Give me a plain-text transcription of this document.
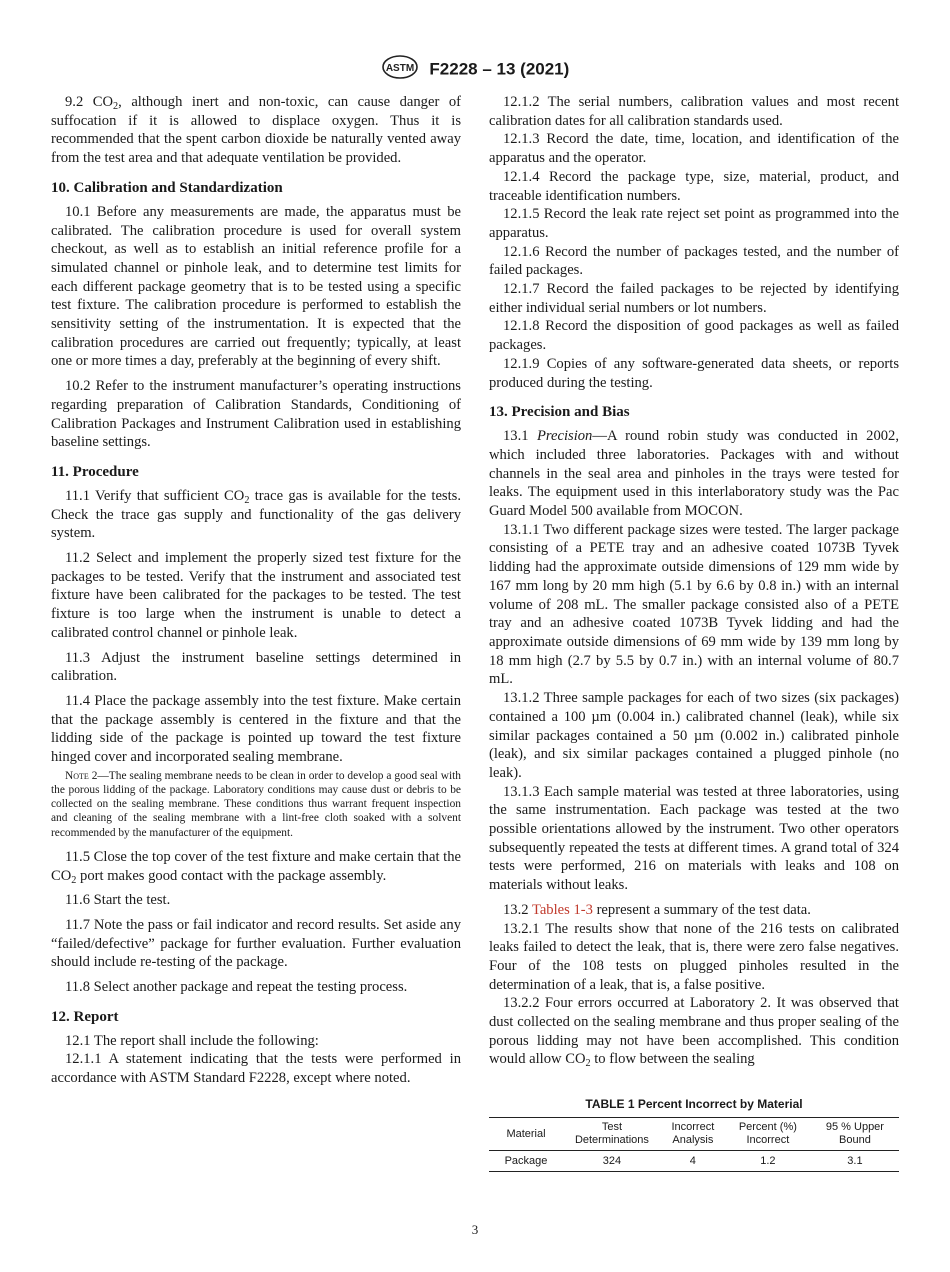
ASTM F2228 – 13 (2021)

9.2 $CO_2$, although inert and non-toxic, can cause danger of suffocation if it is allowed to displace oxygen. Thus it is recommended that the spent carbon dioxide be naturally vented away from the test area and that adequate ventilation be provided.

10. Calibration and Standardization

10.1 Before any measurements are made, the apparatus must be calibrated. The calibration procedure is used for overall system checkout, as well as to establish an initial reference profile for a simulated channel or pinhole leak, and to determine test limits for each different package geometry that is to be tested using a specific test fixture. The calibration procedure is performed to establish the sensitivity setting of the instrumentation. It is expected that the calibration procedures are carried out frequently; typically, at least one or more times a day, preferably at the beginning of every shift.

10.2 Refer to the instrument manufacturer’s operating instructions regarding preparation of Calibration Standards, Conditioning of Calibration Packages and Instrument Calibration used in establishing baseline settings.

11. Procedure

11.1 Verify that sufficient $CO_2$ trace gas is available for the tests. Check the trace gas supply and functionality of the gas delivery system.

11.2 Select and implement the properly sized test fixture for the packages to be tested. Verify that the instrument and associated test fixture have been calibrated for the packages to be tested. The test fixture is too large when the instrument is unable to detect a calibrated control channel or pinhole leak.

11.3 Adjust the instrument baseline settings determined in calibration.

11.4 Place the package assembly into the test fixture. Make certain that the package assembly is centered in the fixture and that the lidding side of the package is pointed up toward the test fixture hinged cover and incorporated sealing membrane.

Note 2—The sealing membrane needs to be clean in order to develop a good seal with the porous lidding of the package. Laboratory conditions may cause dust or debris to be collected on the sealing membrane. These conditions thus warrant frequent inspection and cleaning of the sealing membrane with a lint-free cloth soaked with a solvent recommended by the manufacturer of the equipment.

11.5 Close the top cover of the test fixture and make certain that the $CO_2$ port makes good contact with the package assembly.

11.6 Start the test.

11.7 Note the pass or fail indicator and record results. Set aside any “failed/defective” package for further evaluation. Further evaluation should include re-testing of the package.

11.8 Select another package and repeat the testing process.

12. Report

12.1 The report shall include the following:

12.1.1 A statement indicating that the tests were performed in accordance with ASTM Standard F2228, except where noted.

12.1.2 The serial numbers, calibration values and most recent calibration dates for all calibration standards used.

12.1.3 Record the date, time, location, and identification of the apparatus and the operator.

12.1.4 Record the package type, size, material, product, and traceable identification numbers.

12.1.5 Record the leak rate reject set point as programmed into the apparatus.

12.1.6 Record the number of packages tested, and the number of failed packages.

12.1.7 Record the failed packages to be rejected by identifying either individual serial numbers or lot numbers.

12.1.8 Record the disposition of good packages as well as failed packages.

12.1.9 Copies of any software-generated data sheets, or reports produced during the testing.

13. Precision and Bias

13.1 Precision—A round robin study was conducted in 2002, which included three laboratories. Packages with and without channels in the seal area and pinholes in the trays were tested for leaks. The equipment used in this interlaboratory study was the Pac Guard Model 500 available from MOCON.

13.1.1 Two different package sizes were tested. The larger package consisting of a PETE tray and an adhesive coated 1073B Tyvek lidding had the approximate outside dimensions of 129 mm wide by 167 mm long by 20 mm high (5.1 by 6.6 by 0.8 in.) with an internal volume of 208 mL. The smaller package consisted also of a PETE tray and an adhesive coated 1073B Tyvek lidding and had the approximate outside dimensions of 69 mm wide by 139 mm long by 18 mm high (2.7 by 5.5 by 0.7 in.) with an internal volume of 80.7 mL.

13.1.2 Three sample packages for each of two sizes (six packages) contained a 100 µm (0.004 in.) calibrated channel (leak), while six similar packages contained a 50 µm (0.002 in.) calibrated pinhole (leak), and six similar packages contained a plugged pinhole (no leak).

13.1.3 Each sample material was tested at three laboratories, using the same instrumentation. Each package was tested at the two possible orientations allowed by the instrument. Two other operators subsequently repeated the tests at different times. A grand total of 324 tests were performed, 216 on materials with leaks and 108 on materials without leaks.

13.2 Tables 1-3 represent a summary of the test data.

13.2.1 The results show that none of the 216 tests on calibrated leaks failed to detect the leak, that is, there were zero false negatives. Four of the 108 tests on plugged pinholes resulted in the determination of a leak, that is, a false positive.

13.2.2 Four errors occurred at Laboratory 2. It was observed that dust collected on the sealing membrane and thus proper sealing of the porous lidding may not have been accomplished. This condition would allow $CO_2$ to flow between the sealing

TABLE 1 Percent Incorrect by Material
Material	Test Determinations	Incorrect Analysis	Percent (%) Incorrect	95 % Upper Bound
Package	324	4	1.2	3.1
3
